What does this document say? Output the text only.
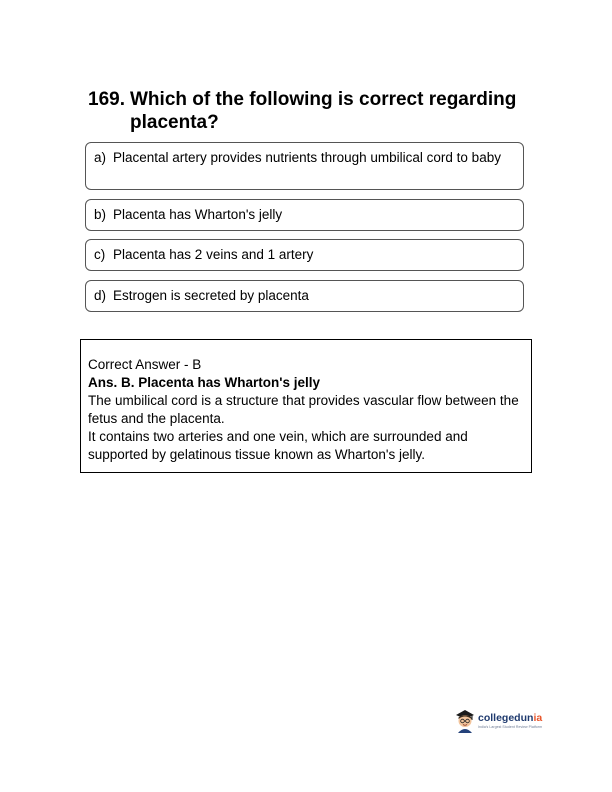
169. Which of the following is correct regarding placenta?
a) Placental artery provides nutrients through umbilical cord to baby
b) Placenta has Wharton's jelly
c) Placenta has 2 veins and 1 artery
d) Estrogen is secreted by placenta

Correct Answer - B

Ans. B. Placenta has Wharton's jelly

The umbilical cord is a structure that provides vascular flow between the fetus and the placenta.

It contains two arteries and one vein, which are surrounded and supported by gelatinous tissue known as Wharton's jelly.

collegedunia
India's Largest Student Review Platform
